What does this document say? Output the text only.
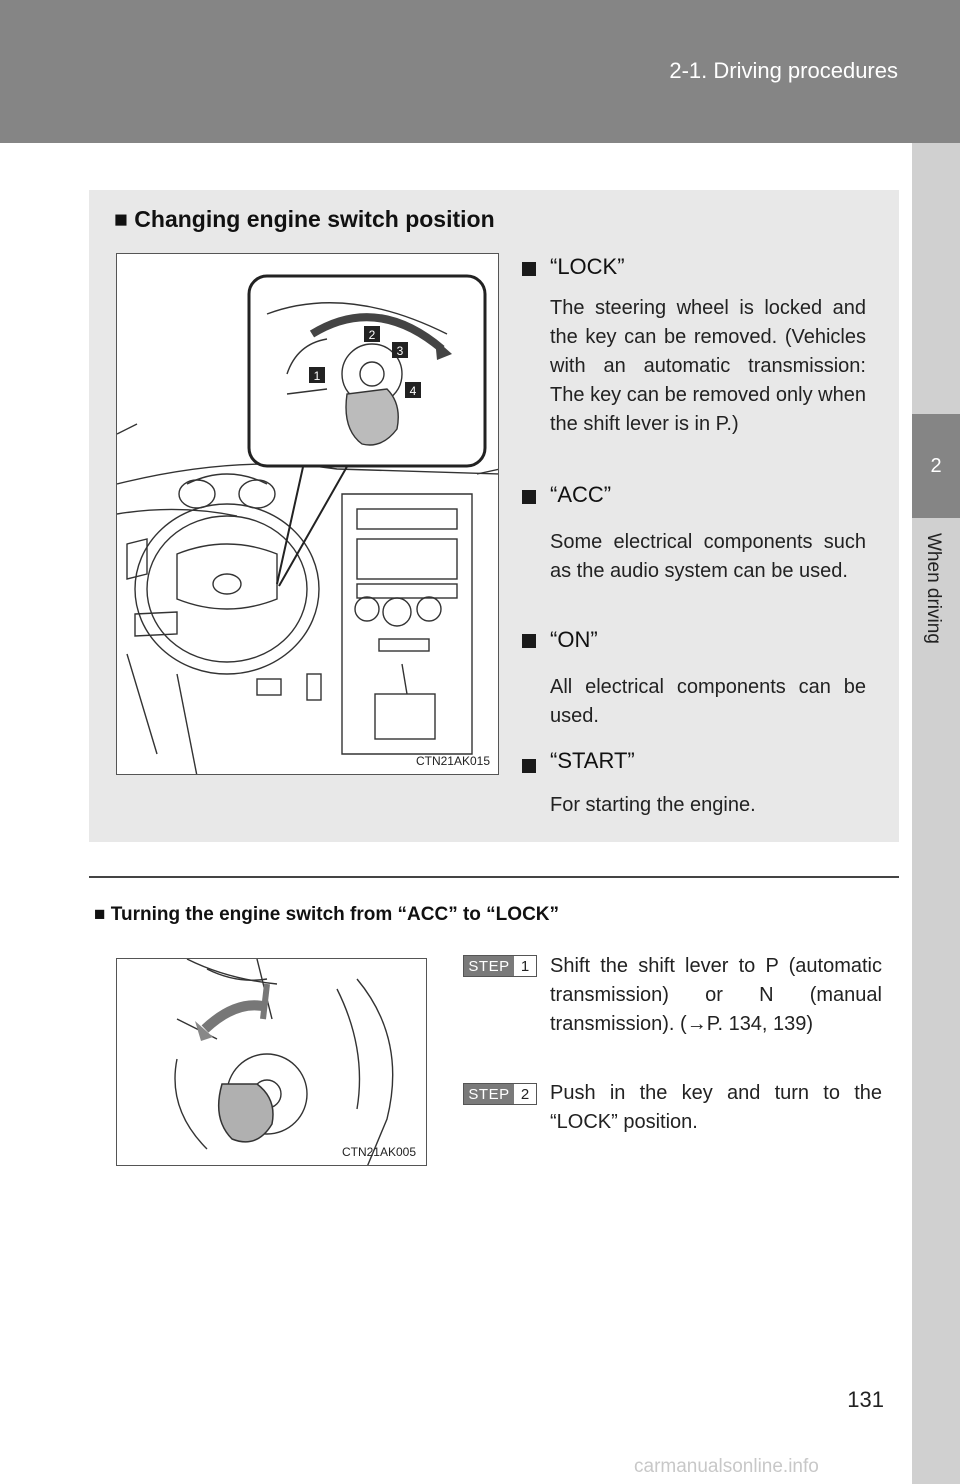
2-1. Driving procedures
2
When driving
■ Changing engine switch position
1
2
3
4
CTN21AK015
“LOCK”
The steering wheel is locked and the key can be removed. (Vehicles with an automatic transmission: The key can be removed only when the shift lever is in P.)
“ACC”
Some electrical components such as the audio system can be used.
“ON”
All electrical components can be used.
“START”
For starting the engine.
■ Turning the engine switch from “ACC” to “LOCK”
CTN21AK005
STEP 1	Shift the shift lever to P (automatic transmission) or N (manual transmission). (→P. 134, 139)
STEP 2	Push in the key and turn to the “LOCK” position.
131
carmanualsonline.info
